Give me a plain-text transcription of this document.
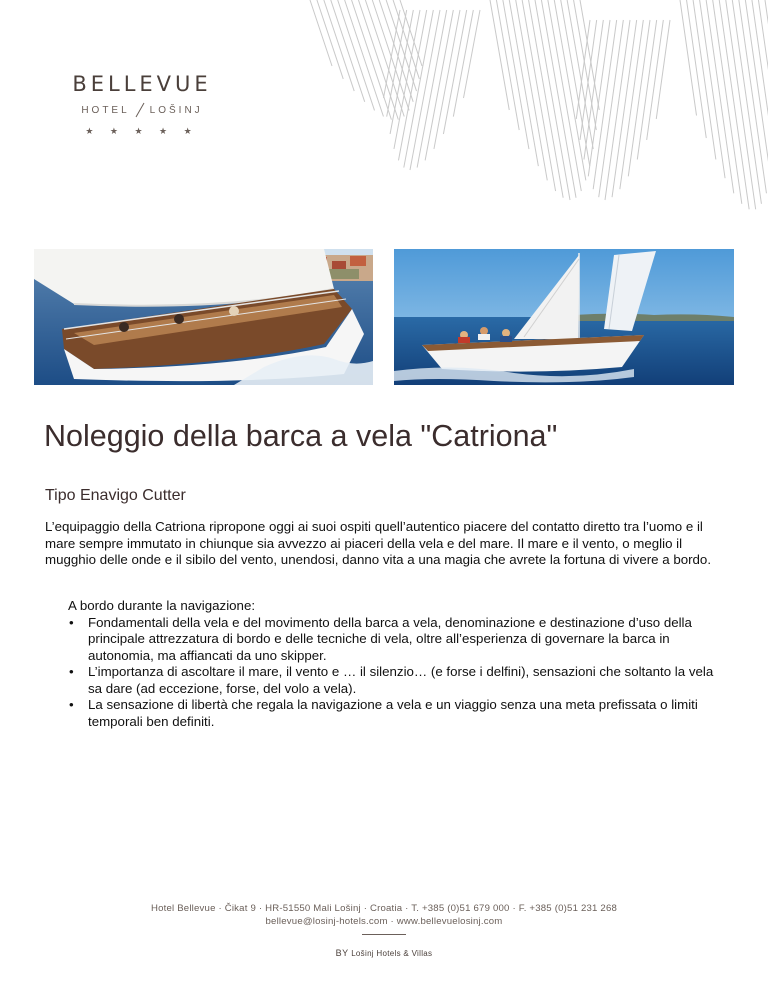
BELLEVUE
HOTEL LOŠINJ
★ ★ ★ ★ ★
Noleggio della barca a vela "Catriona"
Tipo Enavigo Cutter

L’equipaggio della Catriona ripropone oggi ai suoi ospiti quell’autentico piacere del contatto diretto tra l’uomo e il mare sempre immutato in chiunque sia avvezzo ai piaceri della vela e del mare. Il mare e il vento, o meglio il mugghio delle onde e il sibilo del vento, unendosi, danno vita a una magia che avrete la fortuna di vivere a bordo.

A bordo durante la navigazione:

• Fondamentali della vela e del movimento della barca a vela, denominazione e destinazione d’uso della principale attrezzatura di bordo e delle tecniche di vela, oltre all’esperienza di governare la barca in autonomia, ma affiancati da uno skipper.
• L’importanza di ascoltare il mare, il vento e … il silenzio… (e forse i delfini), sensazioni che soltanto la vela sa dare (ad eccezione, forse, del volo a vela).
• La sensazione di libertà che regala la navigazione a vela e un viaggio senza una meta prefissata o limiti temporali ben definiti.
Hotel Bellevue · Čikat 9 · HR-51550 Mali Lošinj · Croatia · T. +385 (0)51 679 000 · F. +385 (0)51 231 268
bellevue@losinj-hotels.com · www.bellevuelosinj.com
BY Lošinj Hotels & Villas
